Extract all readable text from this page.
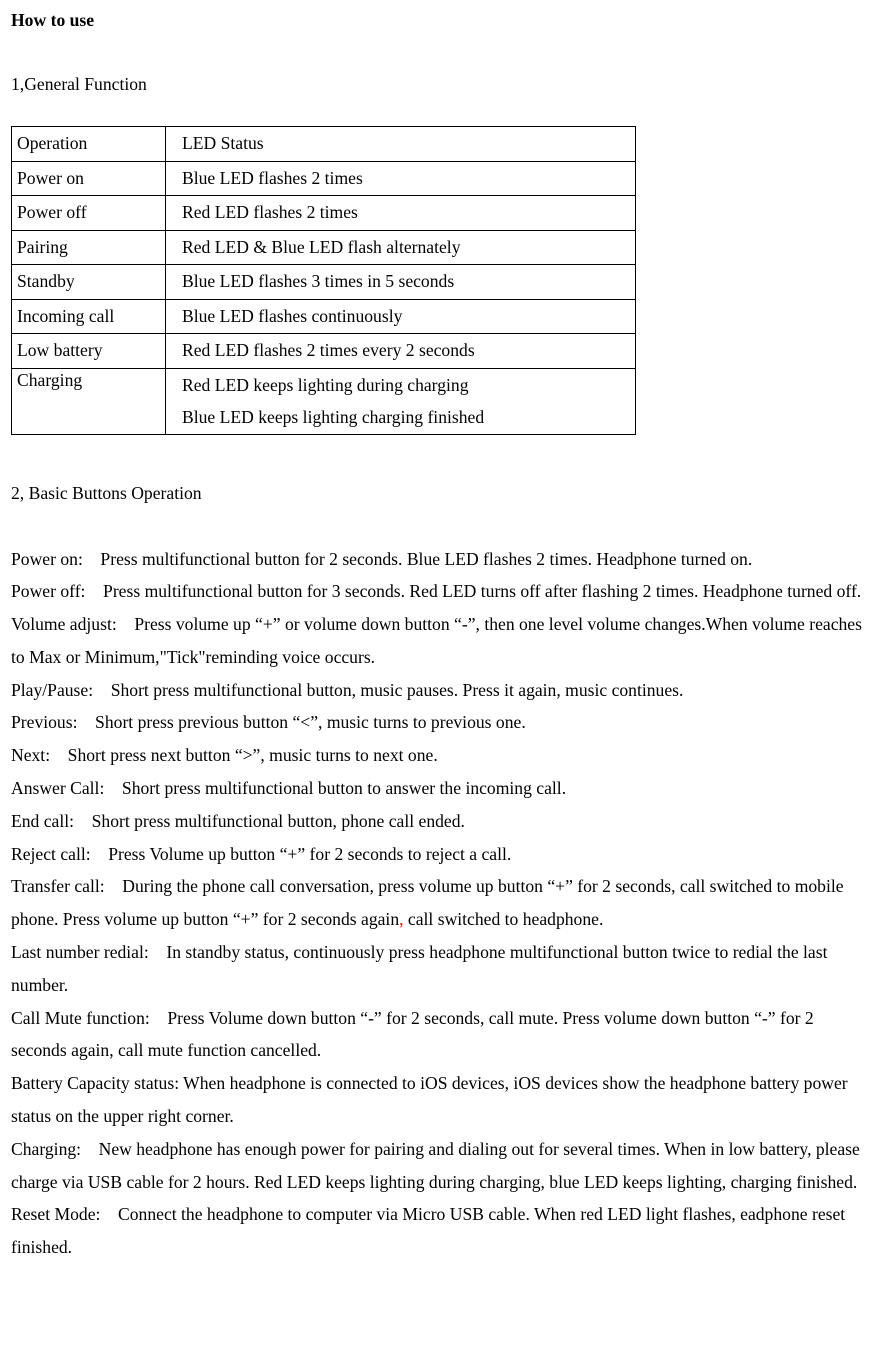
How to use
1,General Function
Operation	LED Status
Power on	Blue LED flashes 2 times
Power off	Red LED flashes 2 times
Pairing	Red LED & Blue LED flash alternately
Standby	Blue LED flashes 3 times in 5 seconds
Incoming call	Blue LED flashes continuously
Low battery	Red LED flashes 2 times every 2 seconds
Charging	Red LED keeps lighting during charging
Blue LED keeps lighting charging finished
2, Basic Buttons Operation

Power on:    Press multifunctional button for 2 seconds. Blue LED flashes 2 times. Headphone turned on.

Power off:    Press multifunctional button for 3 seconds. Red LED turns off after flashing 2 times. Headphone turned off.

Volume adjust:    Press volume up “+” or volume down button “-”, then one level volume changes.When volume reaches to Max or Minimum,"Tick"reminding voice occurs.

Play/Pause:    Short press multifunctional button, music pauses. Press it again, music continues.

Previous:    Short press previous button “<”, music turns to previous one.

Next:    Short press next button “>”, music turns to next one.

Answer Call:    Short press multifunctional button to answer the incoming call.

End call:    Short press multifunctional button, phone call ended.

Reject call:    Press Volume up button “+” for 2 seconds to reject a call.

Transfer call:    During the phone call conversation, press volume up button “+” for 2 seconds, call switched to mobile phone. Press volume up button “+” for 2 seconds again, call switched to headphone.

Last number redial:    In standby status, continuously press headphone multifunctional button twice to redial the last number.

Call Mute function:    Press Volume down button “-” for 2 seconds, call mute. Press volume down button “-” for 2 seconds again, call mute function cancelled.

Battery Capacity status: When headphone is connected to iOS devices, iOS devices show the headphone battery power status on the upper right corner.

Charging:    New headphone has enough power for pairing and dialing out for several times. When in low battery, please charge via USB cable for 2 hours. Red LED keeps lighting during charging, blue LED keeps lighting, charging finished.

Reset Mode:    Connect the headphone to computer via Micro USB cable. When red LED light flashes, eadphone reset finished.
